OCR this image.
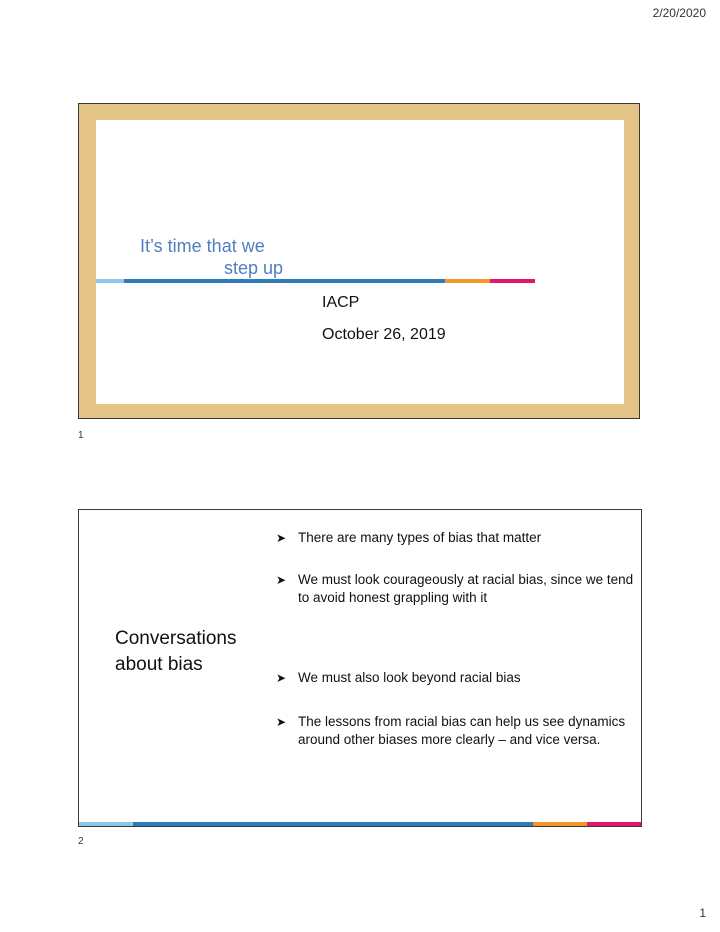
2/20/2020
It’s time that we
step up
IACP
October 26, 2019
1
Conversations
about bias
➤ There are many types of bias that matter
➤ We must look courageously at racial bias, since we tend to avoid honest grappling with it
➤ We must also look beyond racial bias
➤ The lessons from racial bias can help us see dynamics around other biases more clearly – and vice versa.
2
1
